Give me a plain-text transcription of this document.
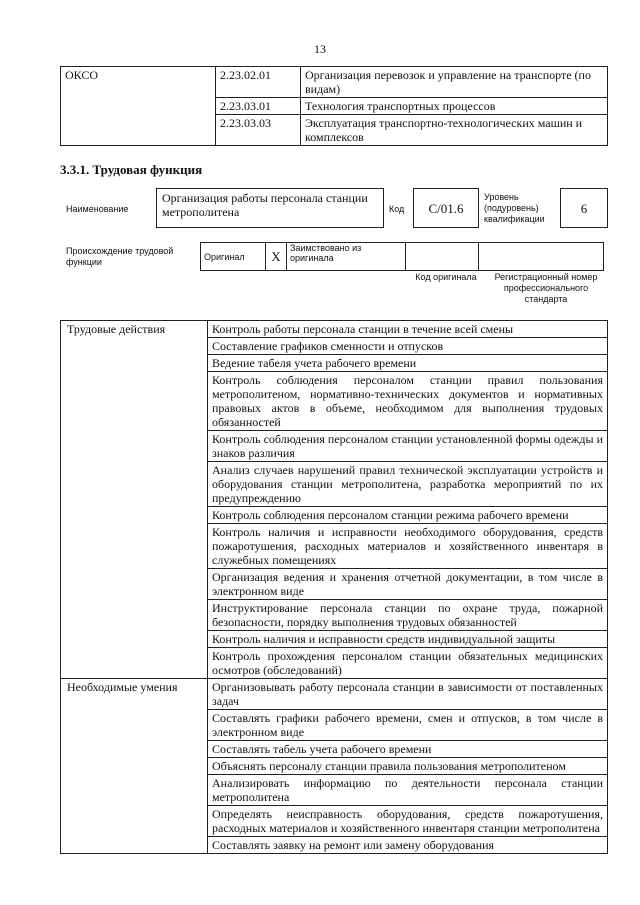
13
ОКСО	2.23.02.01	Организация перевозок и управление на транспорте (по видам)
	2.23.03.01	Технология транспортных процессов
	2.23.03.03	Эксплуатация транспортно-технологических машин и комплексов
3.3.1. Трудовая функция
Наименование
Организация работы персонала станции метрополитена	Код	C/01.6
Уровень (подуровень) квалификации
6
Происхождение трудовой функции
Оригинал	X	Заимствовано из оригинала		
Код оригинала	Регистрационный номер профессионального стандарта
Трудовые действия	Контроль работы персонала станции в течение всей смены
	Составление графиков сменности и отпусков
	Ведение табеля учета рабочего времени
	Контроль соблюдения персоналом станции правил пользования метрополитеном, нормативно-технических документов и нормативных правовых актов в объеме, необходимом для выполнения трудовых обязанностей
	Контроль соблюдения персоналом станции установленной формы одежды и знаков различия
	Анализ случаев нарушений правил технической эксплуатации устройств и оборудования станции метрополитена, разработка мероприятий по их предупреждению
	Контроль соблюдения персоналом станции режима рабочего времени
	Контроль наличия и исправности необходимого оборудования, средств пожаротушения, расходных материалов и хозяйственного инвентаря в служебных помещениях
	Организация ведения и хранения отчетной документации, в том числе в электронном виде
	Инструктирование персонала станции по охране труда, пожарной безопасности, порядку выполнения трудовых обязанностей
	Контроль наличия и исправности средств индивидуальной защиты
	Контроль прохождения персоналом станции обязательных медицинских осмотров (обследований)
Необходимые умения	Организовывать работу персонала станции в зависимости от поставленных задач
	Составлять графики рабочего времени, смен и отпусков, в том числе в электронном виде
	Составлять табель учета рабочего времени
	Объяснять персоналу станции правила пользования метрополитеном
	Анализировать информацию по деятельности персонала станции метрополитена
	Определять неисправность оборудования, средств пожаротушения, расходных материалов и хозяйственного инвентаря станции метрополитена
	Составлять заявку на ремонт или замену оборудования
